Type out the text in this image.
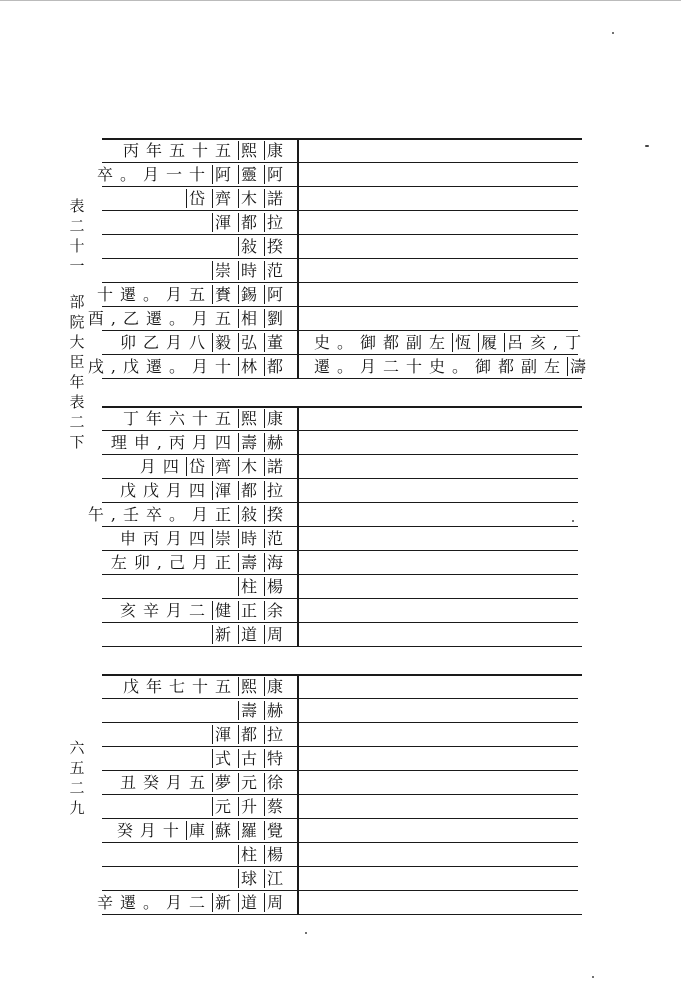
表
二
十
一
部
院
大
臣
年
表
二
下
六
五
二
九
丙年五十五 熙 康
卒。月一十 阿 靈 阿
岱 齊 木 諾
渾 都 拉
敍 揆
崇 時 范
十遷。月五 賚 錫 阿
酉,乙遷。月五 相 劉
卯乙月八 毅 弘 董 史。御都副左 恆 履 呂亥,丁
戌,戊遷。月十 林 都 遷。月二十史。御都副左 濤
丁年六十五 熙 康
理申,丙月四 壽 赫
月四 岱 齊 木 諾
戊戊月四 渾 都 拉
午,壬卒。月正 敍 揆
申丙月四 崇 時 范
左卯,己月正 壽 海
柱 楊
亥辛月二 健 正 余
新 道 周
戊年七十五 熙 康
壽 赫
渾 都 拉
式 古 特
丑癸月五 夢 元 徐
元 升 蔡
癸月十 庫 蘇 羅 覺
柱 楊
球 江
辛遷。月二 新 道 周
